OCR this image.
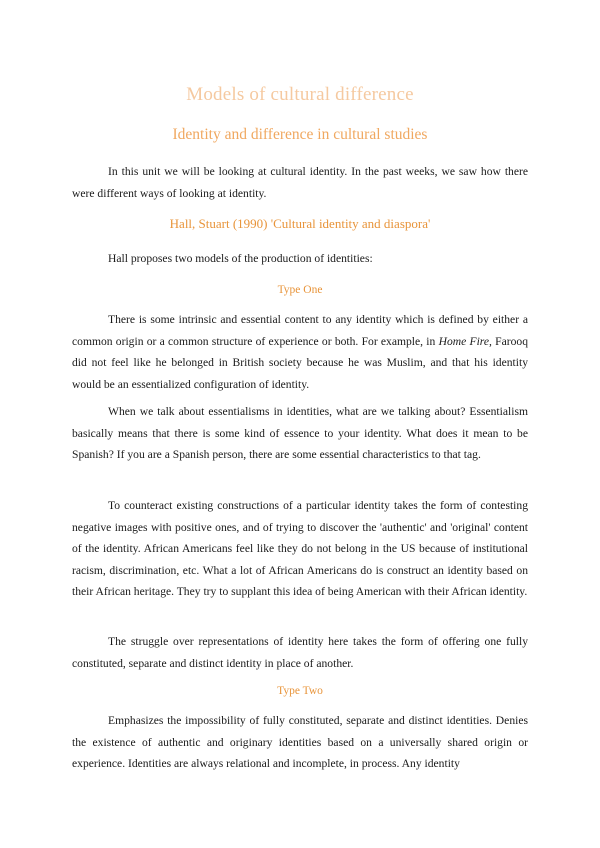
Models of cultural difference
Identity and difference in cultural studies

In this unit we will be looking at cultural identity. In the past weeks, we saw how there were different ways of looking at identity.

Hall, Stuart (1990) 'Cultural identity and diaspora'

Hall proposes two models of the production of identities:

Type One

There is some intrinsic and essential content to any identity which is defined by either a common origin or a common structure of experience or both. For example, in Home Fire, Farooq did not feel like he belonged in British society because he was Muslim, and that his identity would be an essentialized configuration of identity.

When we talk about essentialisms in identities, what are we talking about? Essentialism basically means that there is some kind of essence to your identity. What does it mean to be Spanish? If you are a Spanish person, there are some essential characteristics to that tag.

To counteract existing constructions of a particular identity takes the form of contesting negative images with positive ones, and of trying to discover the 'authentic' and 'original' content of the identity. African Americans feel like they do not belong in the US because of institutional racism, discrimination, etc. What a lot of African Americans do is construct an identity based on their African heritage. They try to supplant this idea of being American with their African identity.

The struggle over representations of identity here takes the form of offering one fully constituted, separate and distinct identity in place of another.

Type Two

Emphasizes the impossibility of fully constituted, separate and distinct identities. Denies the existence of authentic and originary identities based on a universally shared origin or experience. Identities are always relational and incomplete, in process. Any identity
